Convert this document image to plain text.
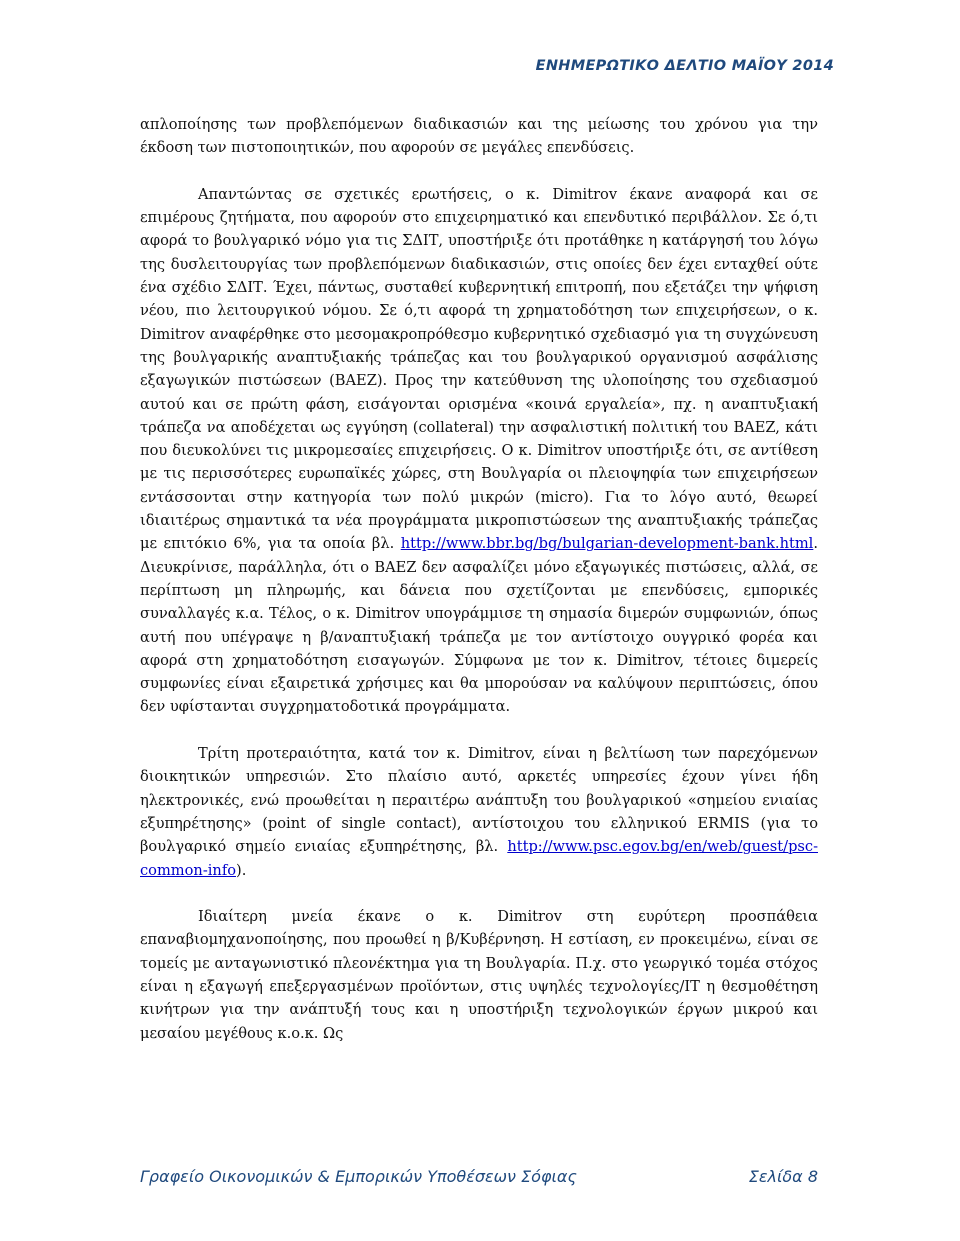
ΕΝΗΜΕΡΩΤΙΚΟ ΔΕΛΤΙΟ ΜΑΪΟΥ 2014

απλοποίησης των προβλεπόμενων διαδικασιών και της μείωσης του χρόνου για την έκδοση των πιστοποιητικών, που αφορούν σε μεγάλες επενδύσεις.

Απαντώντας σε σχετικές ερωτήσεις, ο κ. Dimitrov έκανε αναφορά και σε επιμέρους ζητήματα, που αφορούν στο επιχειρηματικό και επενδυτικό περιβάλλον. Σε ό,τι αφορά το βουλγαρικό νόμο για τις ΣΔΙΤ, υποστήριξε ότι προτάθηκε η κατάργησή του λόγω της δυσλειτουργίας των προβλεπόμενων διαδικασιών, στις οποίες δεν έχει ενταχθεί ούτε ένα σχέδιο ΣΔΙΤ. Έχει, πάντως, συσταθεί κυβερνητική επιτροπή, που εξετάζει την ψήφιση νέου, πιο λειτουργικού νόμου. Σε ό,τι αφορά τη χρηματοδότηση των επιχειρήσεων, ο κ. Dimitrov αναφέρθηκε στο μεσομακροπρόθεσμο κυβερνητικό σχεδιασμό για τη συγχώνευση της βουλγαρικής αναπτυξιακής τράπεζας και του βουλγαρικού οργανισμού ασφάλισης εξαγωγικών πιστώσεων (BAEZ). Προς την κατεύθυνση της υλοποίησης του σχεδιασμού αυτού και σε πρώτη φάση, εισάγονται ορισμένα «κοινά εργαλεία», πχ. η αναπτυξιακή τράπεζα να αποδέχεται ως εγγύηση (collateral) την ασφαλιστική πολιτική του BAEZ, κάτι που διευκολύνει τις μικρομεσαίες επιχειρήσεις. Ο κ. Dimitrov υποστήριξε ότι, σε αντίθεση με τις περισσότερες ευρωπαϊκές χώρες, στη Βουλγαρία οι πλειοψηφία των επιχειρήσεων εντάσσονται στην κατηγορία των πολύ μικρών (micro). Για το λόγο αυτό, θεωρεί ιδιαιτέρως σημαντικά τα νέα προγράμματα μικροπιστώσεων της αναπτυξιακής τράπεζας με επιτόκιο 6%, για τα οποία βλ. http://www.bbr.bg/bg/bulgarian-development-bank.html. Διευκρίνισε, παράλληλα, ότι ο BAEZ δεν ασφαλίζει μόνο εξαγωγικές πιστώσεις, αλλά, σε περίπτωση μη πληρωμής, και δάνεια που σχετίζονται με επενδύσεις, εμπορικές συναλλαγές κ.α. Τέλος, ο κ. Dimitrov υπογράμμισε τη σημασία διμερών συμφωνιών, όπως αυτή που υπέγραψε η β/αναπτυξιακή τράπεζα με τον αντίστοιχο ουγγρικό φορέα και αφορά στη χρηματοδότηση εισαγωγών. Σύμφωνα με τον κ. Dimitrov, τέτοιες διμερείς συμφωνίες είναι εξαιρετικά χρήσιμες και θα μπορούσαν να καλύψουν περιπτώσεις, όπου δεν υφίστανται συγχρηματοδοτικά προγράμματα.

Τρίτη προτεραιότητα, κατά τον κ. Dimitrov, είναι η βελτίωση των παρεχόμενων διοικητικών υπηρεσιών. Στο πλαίσιο αυτό, αρκετές υπηρεσίες έχουν γίνει ήδη ηλεκτρονικές, ενώ προωθείται η περαιτέρω ανάπτυξη του βουλγαρικού «σημείου ενιαίας εξυπηρέτησης» (point of single contact), αντίστοιχου του ελληνικού ERMIS (για το βουλγαρικό σημείο ενιαίας εξυπηρέτησης, βλ. http://www.psc.egov.bg/en/web/guest/psc-common-info).

Ιδιαίτερη μνεία έκανε ο κ. Dimitrov στη ευρύτερη προσπάθεια επαναβιομηχανοποίησης, που προωθεί η β/Κυβέρνηση. Η εστίαση, εν προκειμένω, είναι σε τομείς με ανταγωνιστικό πλεονέκτημα για τη Βουλγαρία. Π.χ. στο γεωργικό τομέα στόχος είναι η εξαγωγή επεξεργασμένων προϊόντων, στις υψηλές τεχνολογίες/IT η θεσμοθέτηση κινήτρων για την ανάπτυξή τους και η υποστήριξη τεχνολογικών έργων μικρού και μεσαίου μεγέθους κ.ο.κ. Ως

Γραφείο Οικονομικών & Εμπορικών Υποθέσεων Σόφιας	Σελίδα 8
